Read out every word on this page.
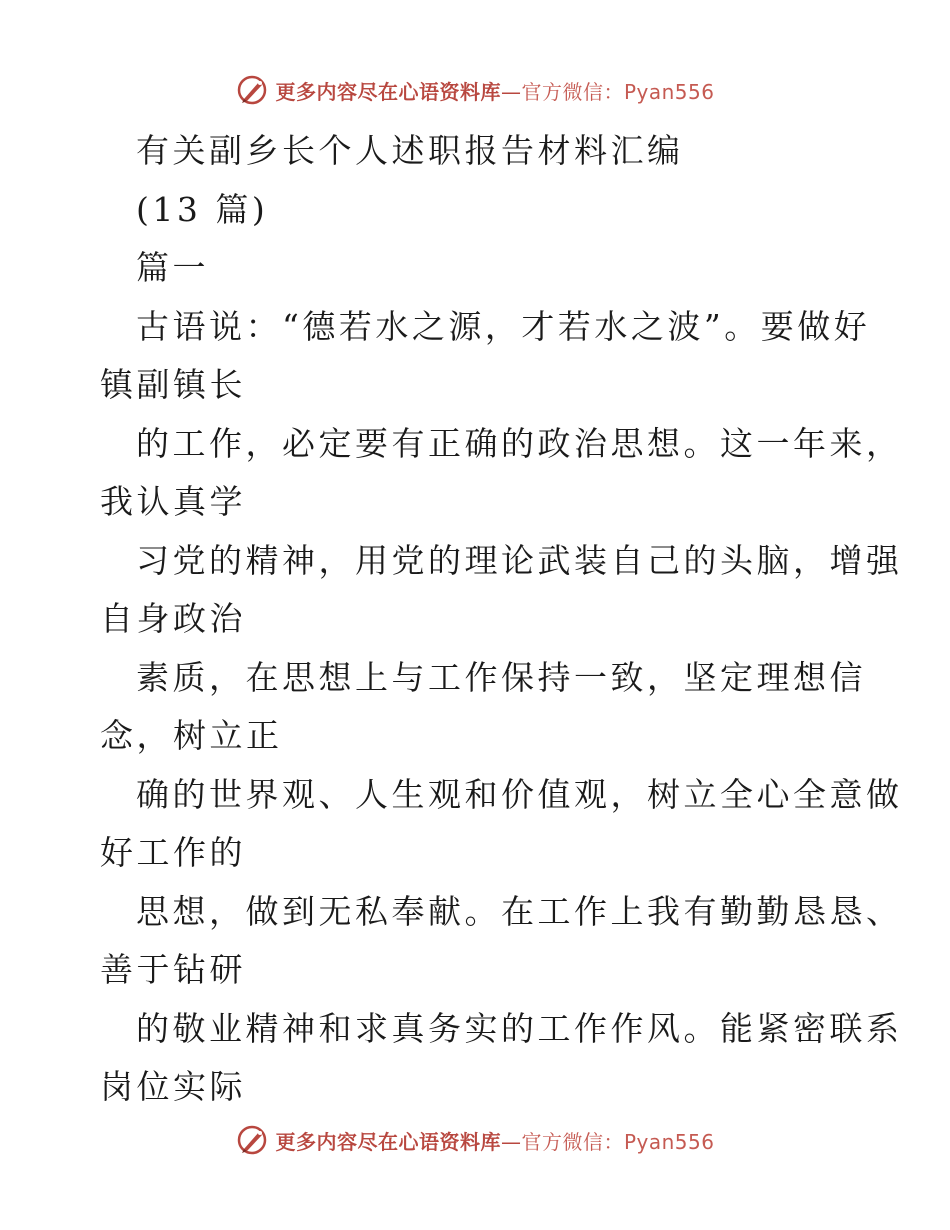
更多内容尽在心语资料库—官方微信：Pyan556
有关副乡长个人述职报告材料汇编
(13 篇)
篇一
古语说：“德若水之源，才若水之波”。要做好
镇副镇长
的工作，必定要有正确的政治思想。这一年来，
我认真学
习党的精神，用党的理论武装自己的头脑，增强
自身政治
素质，在思想上与工作保持一致，坚定理想信
念，树立正
确的世界观、人生观和价值观，树立全心全意做
好工作的
思想，做到无私奉献。在工作上我有勤勤恳恳、
善于钻研
的敬业精神和求真务实的工作作风。能紧密联系
岗位实际
更多内容尽在心语资料库—官方微信：Pyan556
